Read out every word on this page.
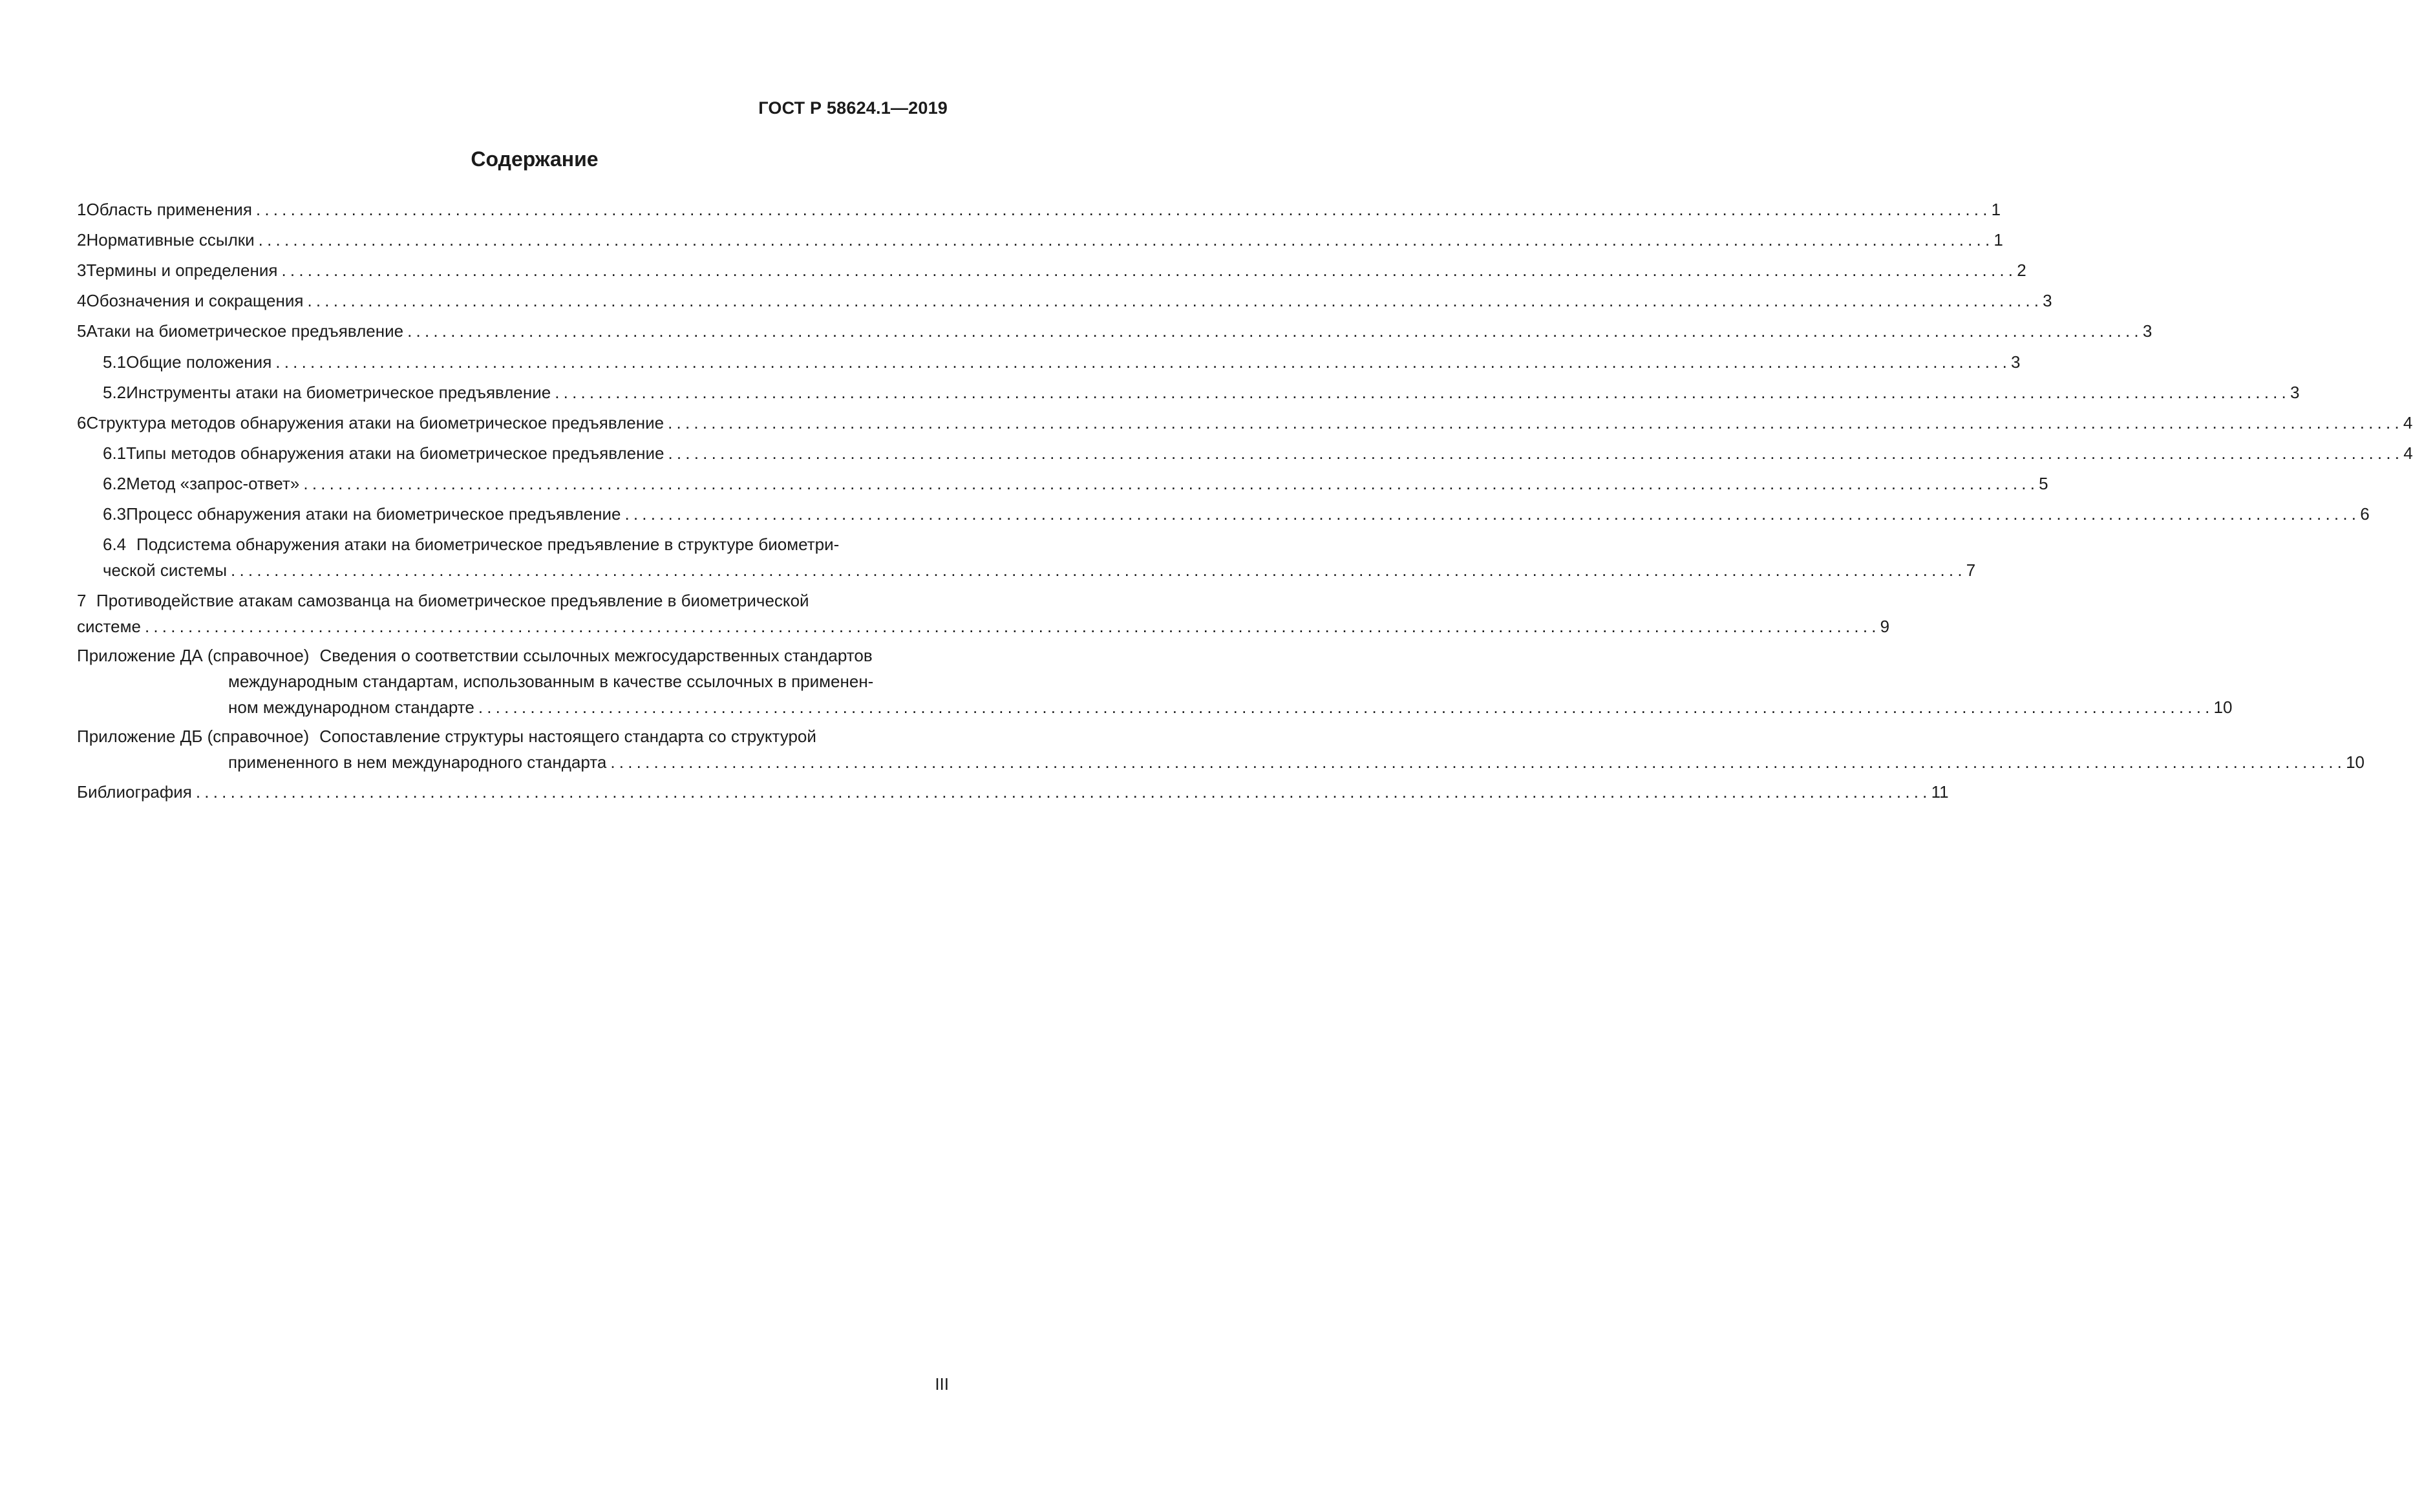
ГОСТ Р 58624.1—2019
Содержание
1 Область применения ........................................................................................................................................................................................................ 1
2 Нормативные ссылки ........................................................................................................................................................................................................ 1
3 Термины и определения ........................................................................................................................................................................................................ 2
4 Обозначения и сокращения ........................................................................................................................................................................................................ 3
5 Атаки на биометрическое предъявление ........................................................................................................................................................................................................ 3
5.1 Общие положения ........................................................................................................................................................................................................ 3
5.2 Инструменты атаки на биометрическое предъявление ........................................................................................................................................................................................................ 3
6 Структура методов обнаружения атаки на биометрическое предъявление ........................................................................................................................................................................................................ 4
6.1 Типы методов обнаружения атаки на биометрическое предъявление ........................................................................................................................................................................................................ 4
6.2 Метод «запрос-ответ» ........................................................................................................................................................................................................ 5
6.3 Процесс обнаружения атаки на биометрическое предъявление ........................................................................................................................................................................................................ 6
6.4 Подсистема обнаружения атаки на биометрическое предъявление в структуре биометри-
ческой системы ........................................................................................................................................................................................................ 7
7 Противодействие атакам самозванца на биометрическое предъявление в биометрической
системе ........................................................................................................................................................................................................ 9
Приложение ДА (справочное) Сведения о соответствии ссылочных межгосударственных стандартов
международным стандартам, использованным в качестве ссылочных в применен-
ном международном стандарте ........................................................................................................................................................................................................ 10
Приложение ДБ (справочное) Сопоставление структуры настоящего стандарта со структурой
примененного в нем международного стандарта ........................................................................................................................................................................................................ 10
Библиография ........................................................................................................................................................................................................ 11
III
